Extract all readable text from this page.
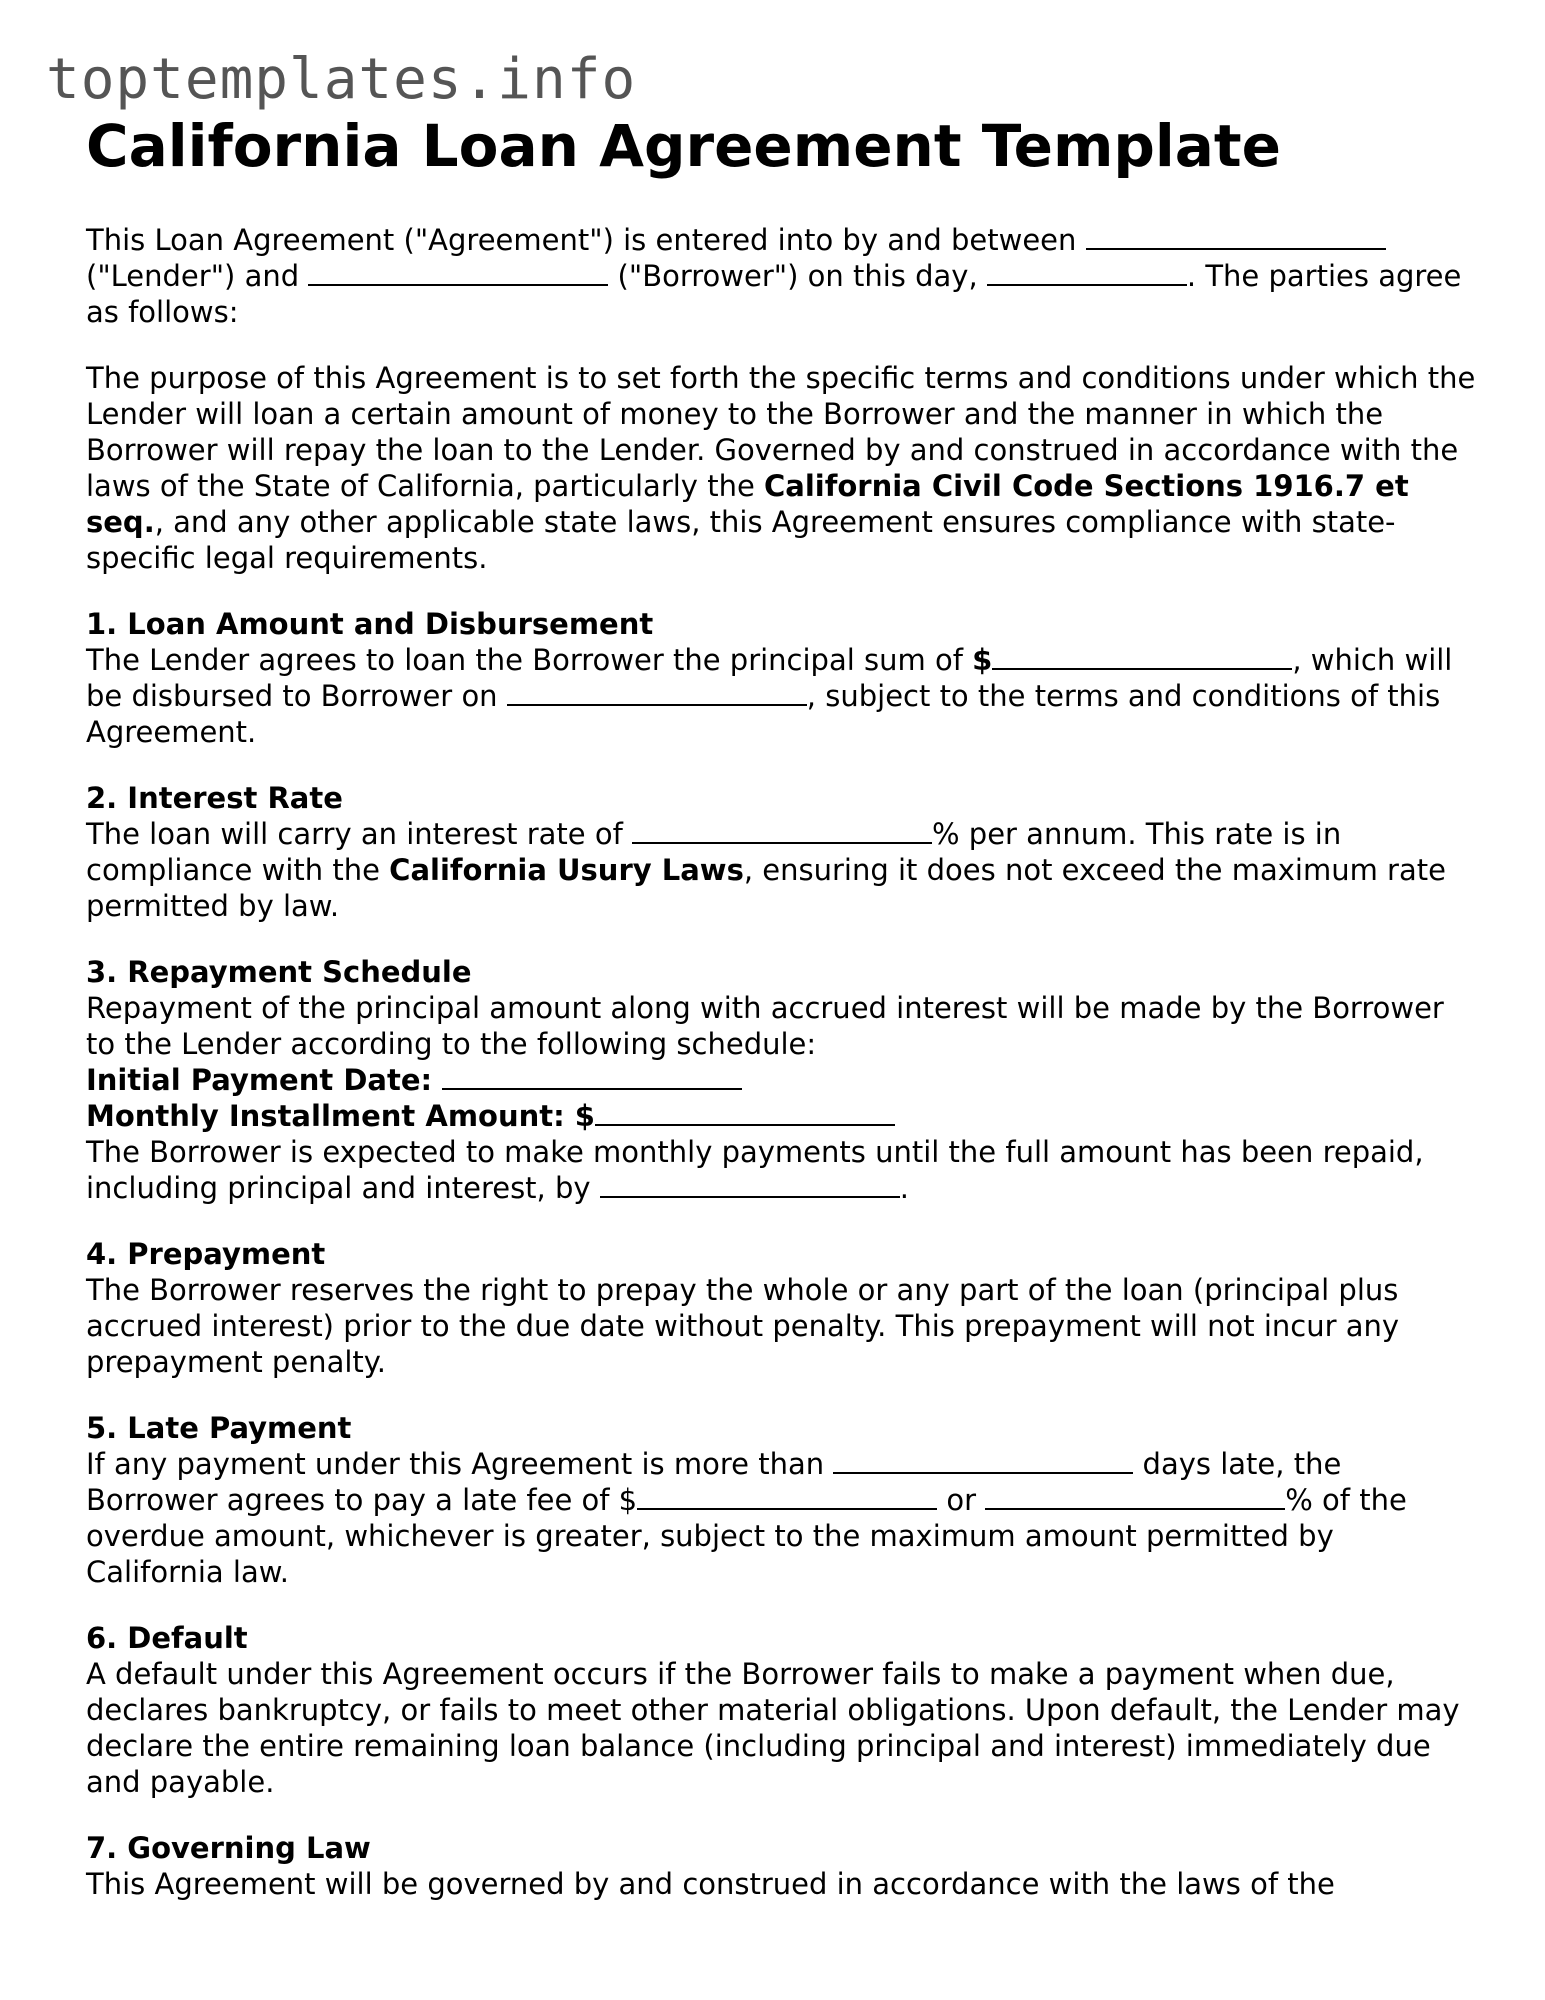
toptemplates.info
California Loan Agreement Template

This Loan Agreement ("Agreement") is entered into by and between  ("Lender") and	("Borrower") on this day,	. The parties agree as follows:

The purpose of this Agreement is to set forth the specific terms and conditions under which the Lender will loan a certain amount of money to the Borrower and the manner in which the Borrower will repay the loan to the Lender. Governed by and construed in accordance with the laws of the State of California, particularly the California Civil Code Sections 1916.7 et seq., and any other applicable state laws, this Agreement ensures compliance with state-specific legal requirements.

1. Loan Amount and Disbursement

The Lender agrees to loan the Borrower the principal sum of $	, which will be disbursed to Borrower on	, subject to the terms and conditions of this Agreement.

2. Interest Rate

The loan will carry an interest rate of	% per annum. This rate is in compliance with the California Usury Laws, ensuring it does not exceed the maximum rate permitted by law.

3. Repayment Schedule

Repayment of the principal amount along with accrued interest will be made by the Borrower to the Lender according to the following schedule:

Initial Payment Date:

Monthly Installment Amount: $

The Borrower is expected to make monthly payments until the full amount has been repaid, including principal and interest, by	.

4. Prepayment

The Borrower reserves the right to prepay the whole or any part of the loan (principal plus accrued interest) prior to the due date without penalty. This prepayment will not incur any prepayment penalty.

5. Late Payment

If any payment under this Agreement is more than	days late, the Borrower agrees to pay a late fee of $	or	% of the overdue amount, whichever is greater, subject to the maximum amount permitted by California law.

6. Default

A default under this Agreement occurs if the Borrower fails to make a payment when due, declares bankruptcy, or fails to meet other material obligations. Upon default, the Lender may declare the entire remaining loan balance (including principal and interest) immediately due and payable.

7. Governing Law

This Agreement will be governed by and construed in accordance with the laws of the
